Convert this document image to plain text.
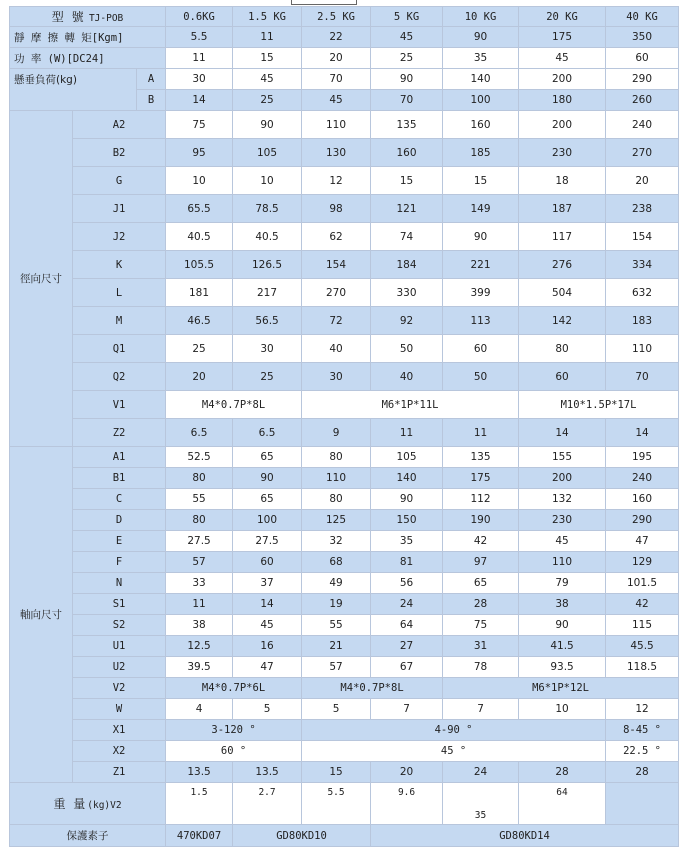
型 號 TJ-POB			0.6KG	1.5 KG	2.5 KG	5 KG	10 KG	20 KG	40 KG
靜 摩 擦 轉 矩[Kgm]			5.5	11	22	45	90	175	350
功 率 (W)[DC24]			11	15	20	25	35	45	60
懸垂負荷(kg)		A	30	45	70	90	140	200	290
		B	14	25	45	70	100	180	260
徑向尺寸	A2		75	90	110	135	160	200	240
	B2		95	105	130	160	185	230	270
	G		10	10	12	15	15	18	20
	J1		65.5	78.5	98	121	149	187	238
	J2		40.5	40.5	62	74	90	117	154
	K		105.5	126.5	154	184	221	276	334
	L		181	217	270	330	399	504	632
	M		46.5	56.5	72	92	113	142	183
	Q1		25	30	40	50	60	80	110
	Q2		20	25	30	40	50	60	70
	V1		M4*0.7P*8L		M6*1P*11L			M10*1.5P*17L	
	Z2		6.5	6.5	9	11	11	14	14
軸向尺寸	A1		52.5	65	80	105	135	155	195
	B1		80	90	110	140	175	200	240
	C		55	65	80	90	112	132	160
	D		80	100	125	150	190	230	290
	E		27.5	27.5	32	35	42	45	47
	F		57	60	68	81	97	110	129
	N		33	37	49	56	65	79	101.5
	S1		11	14	19	24	28	38	42
	S2		38	45	55	64	75	90	115
	U1		12.5	16	21	27	31	41.5	45.5
	U2		39.5	47	57	67	78	93.5	118.5
	V2		M4*0.7P*6L		M4*0.7P*8L		M6*1P*12L		
	W		4	5	5	7	7	10	12
	X1		3-120 °		4-90 °				8-45 °
	X2		60 °		45 °				22.5 °
	Z1		13.5	13.5	15	20	24	28	28
重 量(kg)V2			1.5	2.7	5.5	9.6	35	64	

保護素子			470KD07	GD80KD10		GD80KD14			
